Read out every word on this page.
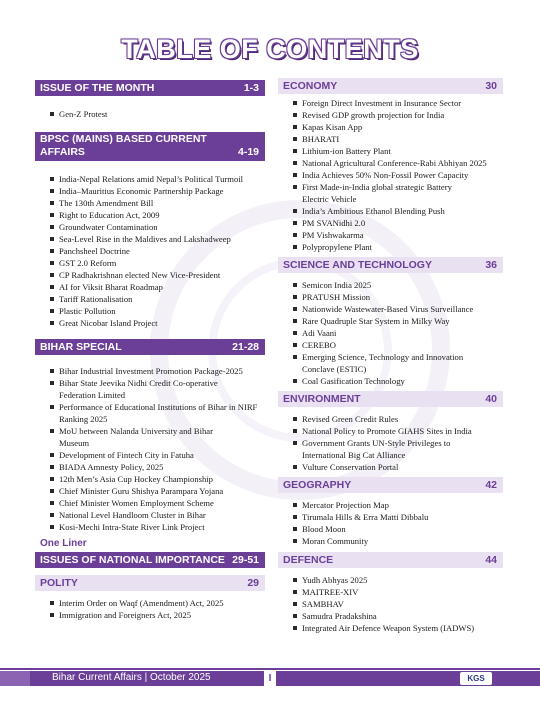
TABLE OF CONTENTS
ISSUE OF THE MONTH	1-3
Gen-Z Protest
BPSC (MAINS) BASED CURRENT AFFAIRS	4-19
India-Nepal Relations amid Nepal’s Political Turmoil
India–Mauritius Economic Partnership Package
The 130th Amendment Bill
Right to Education Act, 2009
Groundwater Contamination
Sea-Level Rise in the Maldives and Lakshadweep
Panchsheel Doctrine
GST 2.0 Reform
CP Radhakrishnan elected New Vice-President
AI for Viksit Bharat Roadmap
Tariff Rationalisation
Plastic Pollution
Great Nicobar Island Project
BIHAR SPECIAL	21-28
Bihar Industrial Investment Promotion Package-2025
Bihar State Jeevika Nidhi Credit Co-operative Federation Limited
Performance of Educational Institutions of Bihar in NIRF Ranking 2025
MoU between Nalanda University and Bihar Museum
Development of Fintech City in Fatuha
BIADA Amnesty Policy, 2025
12th Men’s Asia Cup Hockey Championship
Chief Minister Guru Shishya Parampara Yojana
Chief Minister Women Employment Scheme
National Level Handloom Cluster in Bihar
Kosi-Mechi Intra-State River Link Project
One Liner
ISSUES OF NATIONAL IMPORTANCE 29-51
POLITY	29
Interim Order on Waqf (Amendment) Act, 2025
Immigration and Foreigners Act, 2025
ECONOMY	30
Foreign Direct Investment in Insurance Sector
Revised GDP growth projection for India
Kapas Kisan App
BHARATI
Lithium-ion Battery Plant
National Agricultural Conference-Rabi Abhiyan 2025
India Achieves 50% Non-Fossil Power Capacity
First Made-in-India global strategic Battery Electric Vehicle
India’s Ambitious Ethanol Blending Push
PM SVANidhi 2.0
PM Vishwakarma
Polypropylene Plant
SCIENCE AND TECHNOLOGY	36
Semicon India 2025
PRATUSH Mission
Nationwide Wastewater-Based Virus Surveillance
Rare Quadruple Star System in Milky Way
Adi Vaani
CEREBO
Emerging Science, Technology and Innovation Conclave (ESTIC)
Coal Gasification Technology
ENVIRONMENT	40
Revised Green Credit Rules
National Policy to Promote GIAHS Sites in India
Government Grants UN-Style Privileges to International Big Cat Alliance
Vulture Conservation Portal
GEOGRAPHY	42
Mercator Projection Map
Tirumala Hills & Erra Matti Dibbalu
Blood Moon
Moran Community
DEFENCE	44
Yudh Abhyas 2025
MAITREE-XIV
SAMBHAV
Samudra Pradakshina
Integrated Air Defence Weapon System (IADWS)
Bihar Current Affairs | October 2025	I	KGS
